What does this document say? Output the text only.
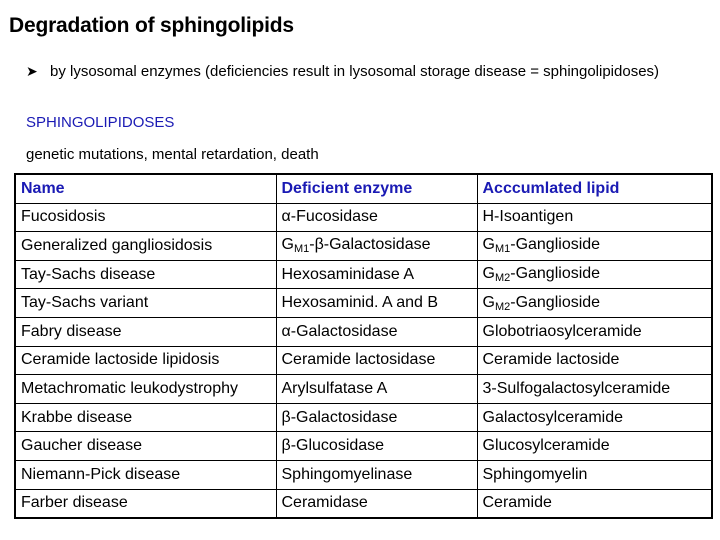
Degradation of sphingolipids
➤ by lysosomal enzymes (deficiencies result in lysosomal storage disease = sphingolipidoses)
SPHINGOLIPIDOSES
genetic mutations, mental retardation, death
Name	Deficient enzyme	Acccumlated lipid
Fucosidosis	α-Fucosidase	H-Isoantigen
Generalized gangliosidosis	$G_{M1}-\beta$-Galactosidase	$G_{M1}$-Ganglioside
Tay-Sachs disease	Hexosaminidase A	$G_{M2}$-Ganglioside
Tay-Sachs variant	Hexosaminid. A and B	$G_{M2}$-Ganglioside
Fabry disease	α-Galactosidase	Globotriaosylceramide
Ceramide lactoside lipidosis	Ceramide lactosidase	Ceramide lactoside
Metachromatic leukodystrophy	Arylsulfatase A	3-Sulfogalactosylceramide
Krabbe disease	β-Galactosidase	Galactosylceramide
Gaucher disease	β-Glucosidase	Glucosylceramide
Niemann-Pick disease	Sphingomyelinase	Sphingomyelin
Farber disease	Ceramidase	Ceramide
